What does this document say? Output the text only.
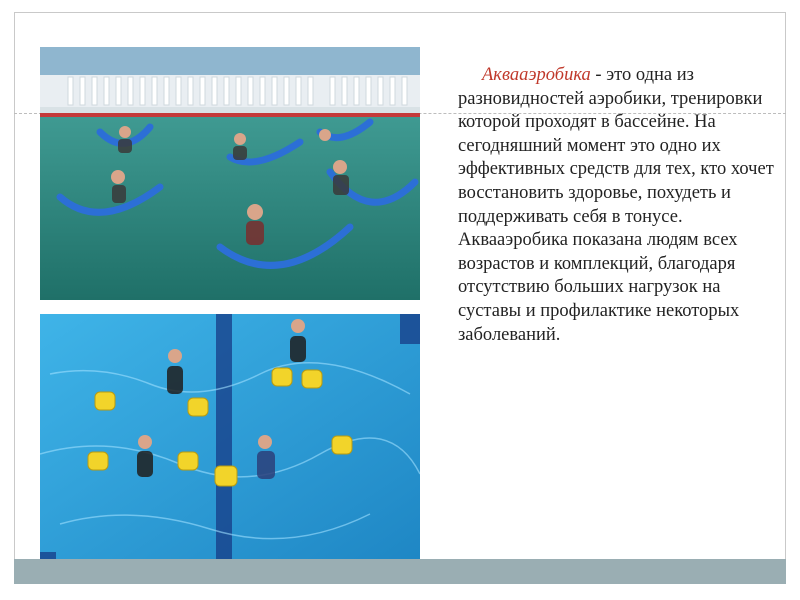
Аквааэробика - это одна из разновидностей аэробики, тренировки которой проходят в бассейне. На сегодняшний момент это одно их эффективных средств для тех, кто хочет восстановить здоровье, похудеть и поддерживать себя в тонусе. Аквааэробика показана людям всех возрастов и комплекций, благодаря отсутствию больших нагрузок на суставы и профилактике некоторых заболеваний.
